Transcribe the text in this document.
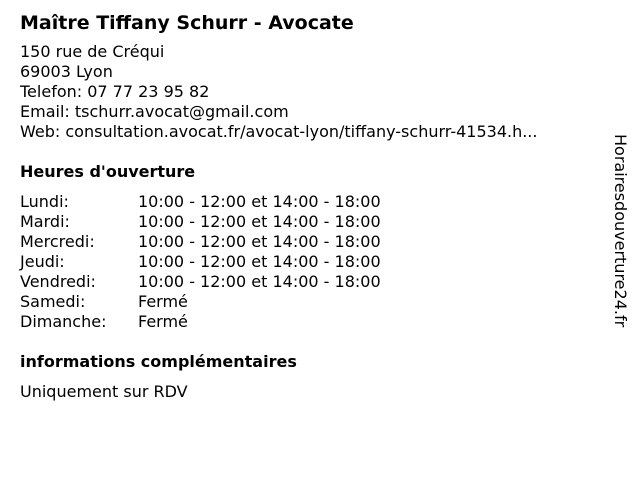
Maître Tiffany Schurr - Avocate
150 rue de Créqui
69003 Lyon
Telefon: 07 77 23 95 82
Email: tschurr.avocat@gmail.com
Web: consultation.avocat.fr/avocat-lyon/tiffany-schurr-41534.h...
Heures d'ouverture
Lundi:	10:00 - 12:00 et 14:00 - 18:00
Mardi:	10:00 - 12:00 et 14:00 - 18:00
Mercredi:	10:00 - 12:00 et 14:00 - 18:00
Jeudi:	10:00 - 12:00 et 14:00 - 18:00
Vendredi:	10:00 - 12:00 et 14:00 - 18:00
Samedi:	Fermé
Dimanche:	Fermé
informations complémentaires
Uniquement sur RDV
Horairesdouverture24.fr
